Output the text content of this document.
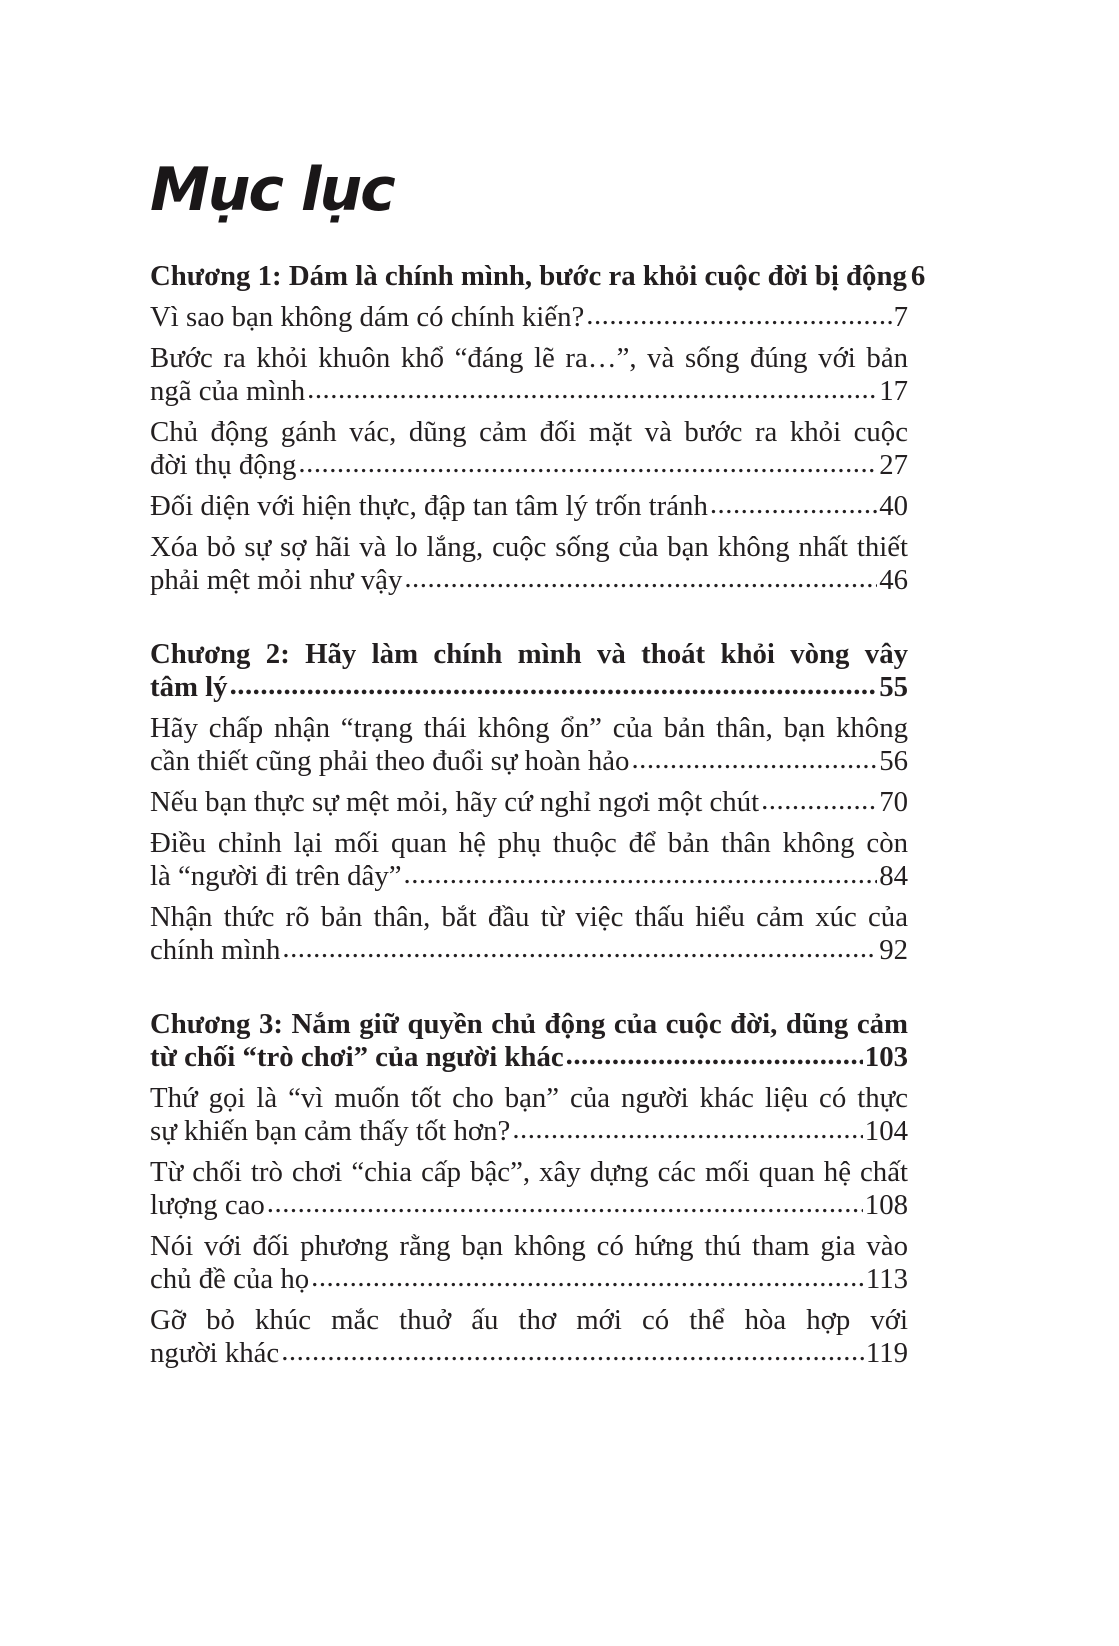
Mục lục
Chương 1: Dám là chính mình, bước ra khỏi cuộc đời bị động 6
Vì sao bạn không dám có chính kiến? .....	7
Bước ra khỏi khuôn khổ “đáng lẽ ra…”, và sống đúng với bản
ngã của mình .....	17
Chủ động gánh vác, dũng cảm đối mặt và bước ra khỏi cuộc
đời thụ động .....	27
Đối diện với hiện thực, đập tan tâm lý trốn tránh .....	40
Xóa bỏ sự sợ hãi và lo lắng, cuộc sống của bạn không nhất thiết
phải mệt mỏi như vậy .....	46
Chương 2: Hãy làm chính mình và thoát khỏi vòng vây
tâm lý .....	55
Hãy chấp nhận “trạng thái không ổn” của bản thân, bạn không
cần thiết cũng phải theo đuổi sự hoàn hảo .....	56
Nếu bạn thực sự mệt mỏi, hãy cứ nghỉ ngơi một chút .....	70
Điều chỉnh lại mối quan hệ phụ thuộc để bản thân không còn
là “người đi trên dây” .....	84
Nhận thức rõ bản thân, bắt đầu từ việc thấu hiểu cảm xúc của
chính mình .....	92
Chương 3: Nắm giữ quyền chủ động của cuộc đời, dũng cảm
từ chối “trò chơi” của người khác .....	103
Thứ gọi là “vì muốn tốt cho bạn” của người khác liệu có thực
sự khiến bạn cảm thấy tốt hơn? .....	104
Từ chối trò chơi “chia cấp bậc”, xây dựng các mối quan hệ chất
lượng cao .....	108
Nói với đối phương rằng bạn không có hứng thú tham gia vào
chủ đề của họ .....	113
Gỡ bỏ khúc mắc thuở ấu thơ mới có thể hòa hợp với
người khác .....	119
